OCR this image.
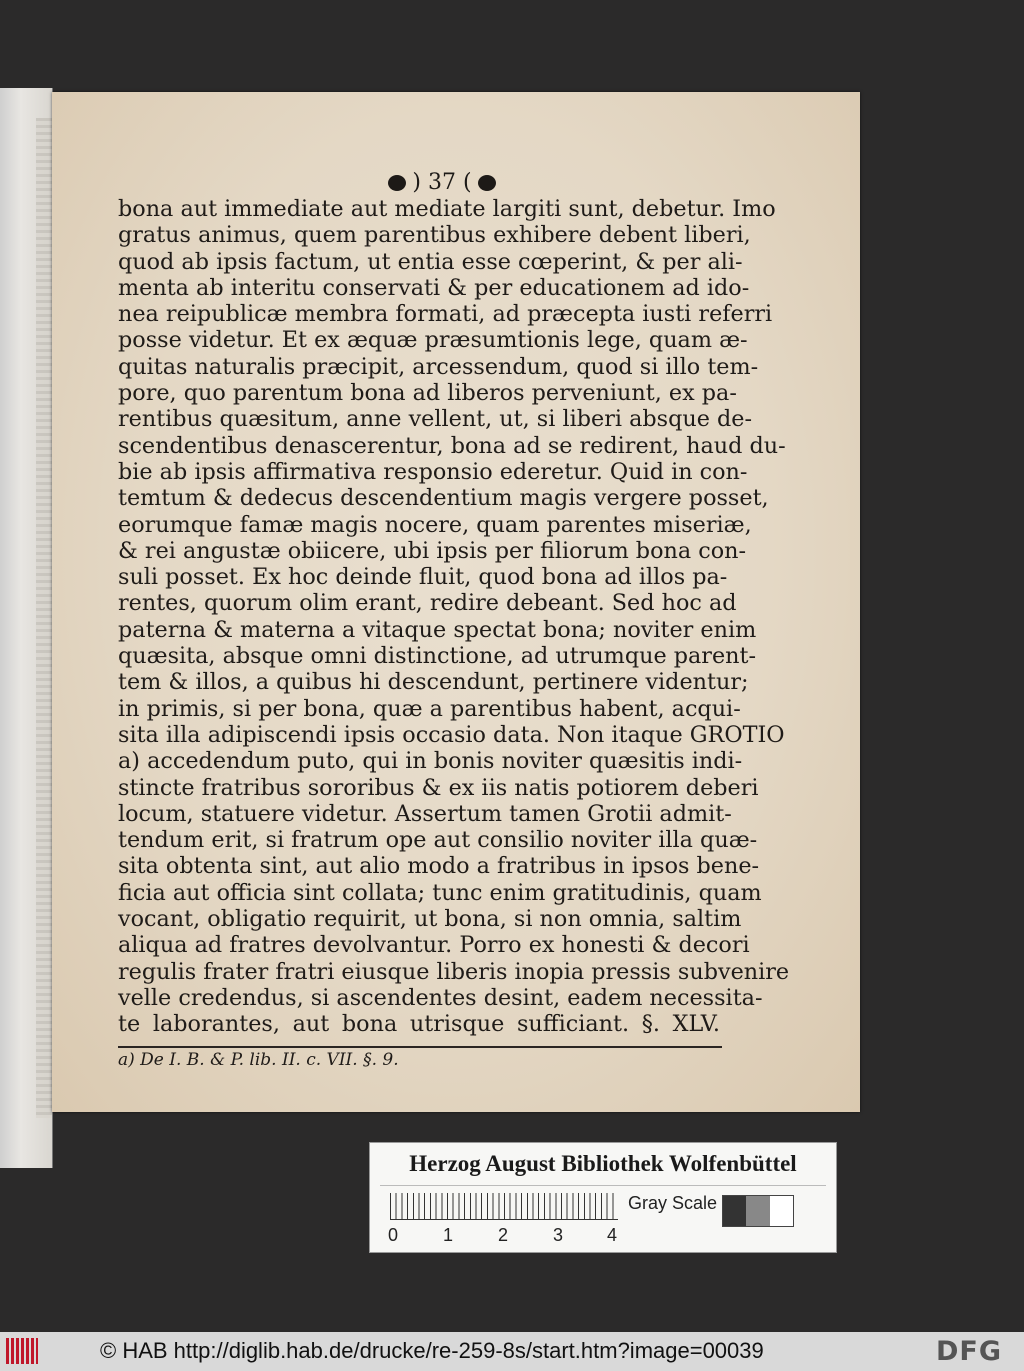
) 37 (
bona aut immediate aut mediate largiti sunt, debetur. Imo
gratus animus, quem parentibus exhibere debent liberi,
quod ab ipsis factum, ut entia esse cœperint, & per ali-
menta ab interitu conservati & per educationem ad ido-
nea reipublicæ membra formati, ad præcepta iusti referri
posse videtur. Et ex æquæ præsumtionis lege, quam æ-
quitas naturalis præcipit, arcessendum, quod si illo tem-
pore, quo parentum bona ad liberos perveniunt, ex pa-
rentibus quæsitum, anne vellent, ut, si liberi absque de-
scendentibus denascerentur, bona ad se redirent, haud du-
bie ab ipsis affirmativa responsio ederetur. Quid in con-
temtum & dedecus descendentium magis vergere posset,
eorumque famæ magis nocere, quam parentes miseriæ,
& rei angustæ obiicere, ubi ipsis per filiorum bona con-
suli posset. Ex hoc deinde fluit, quod bona ad illos pa-
rentes, quorum olim erant, redire debeant. Sed hoc ad
paterna & materna a vitaque spectat bona; noviter enim
quæsita, absque omni distinctione, ad utrumque parent-
tem & illos, a quibus hi descendunt, pertinere videntur;
in primis, si per bona, quæ a parentibus habent, acqui-
sita illa adipiscendi ipsis occasio data. Non itaque GROTIO
a) accedendum puto, qui in bonis noviter quæsitis indi-
stincte fratribus sororibus & ex iis natis potiorem deberi
locum, statuere videtur. Assertum tamen Grotii admit-
tendum erit, si fratrum ope aut consilio noviter illa quæ-
sita obtenta sint, aut alio modo a fratribus in ipsos bene-
ficia aut officia sint collata; tunc enim gratitudinis, quam
vocant, obligatio requirit, ut bona, si non omnia, saltim
aliqua ad fratres devolvantur. Porro ex honesti & decori
regulis frater fratri eiusque liberis inopia pressis subvenire
velle credendus, si ascendentes desint, eadem necessita-
te laborantes, aut bona utrisque sufficiant. §. XLV.
a) De I. B. & P. lib. II. c. VII. §. 9.
Herzog August Bibliothek Wolfenbüttel
0 1 2 3 4
Gray Scale
© HAB http://diglib.hab.de/drucke/re-259-8s/start.htm?image=00039	DFG
